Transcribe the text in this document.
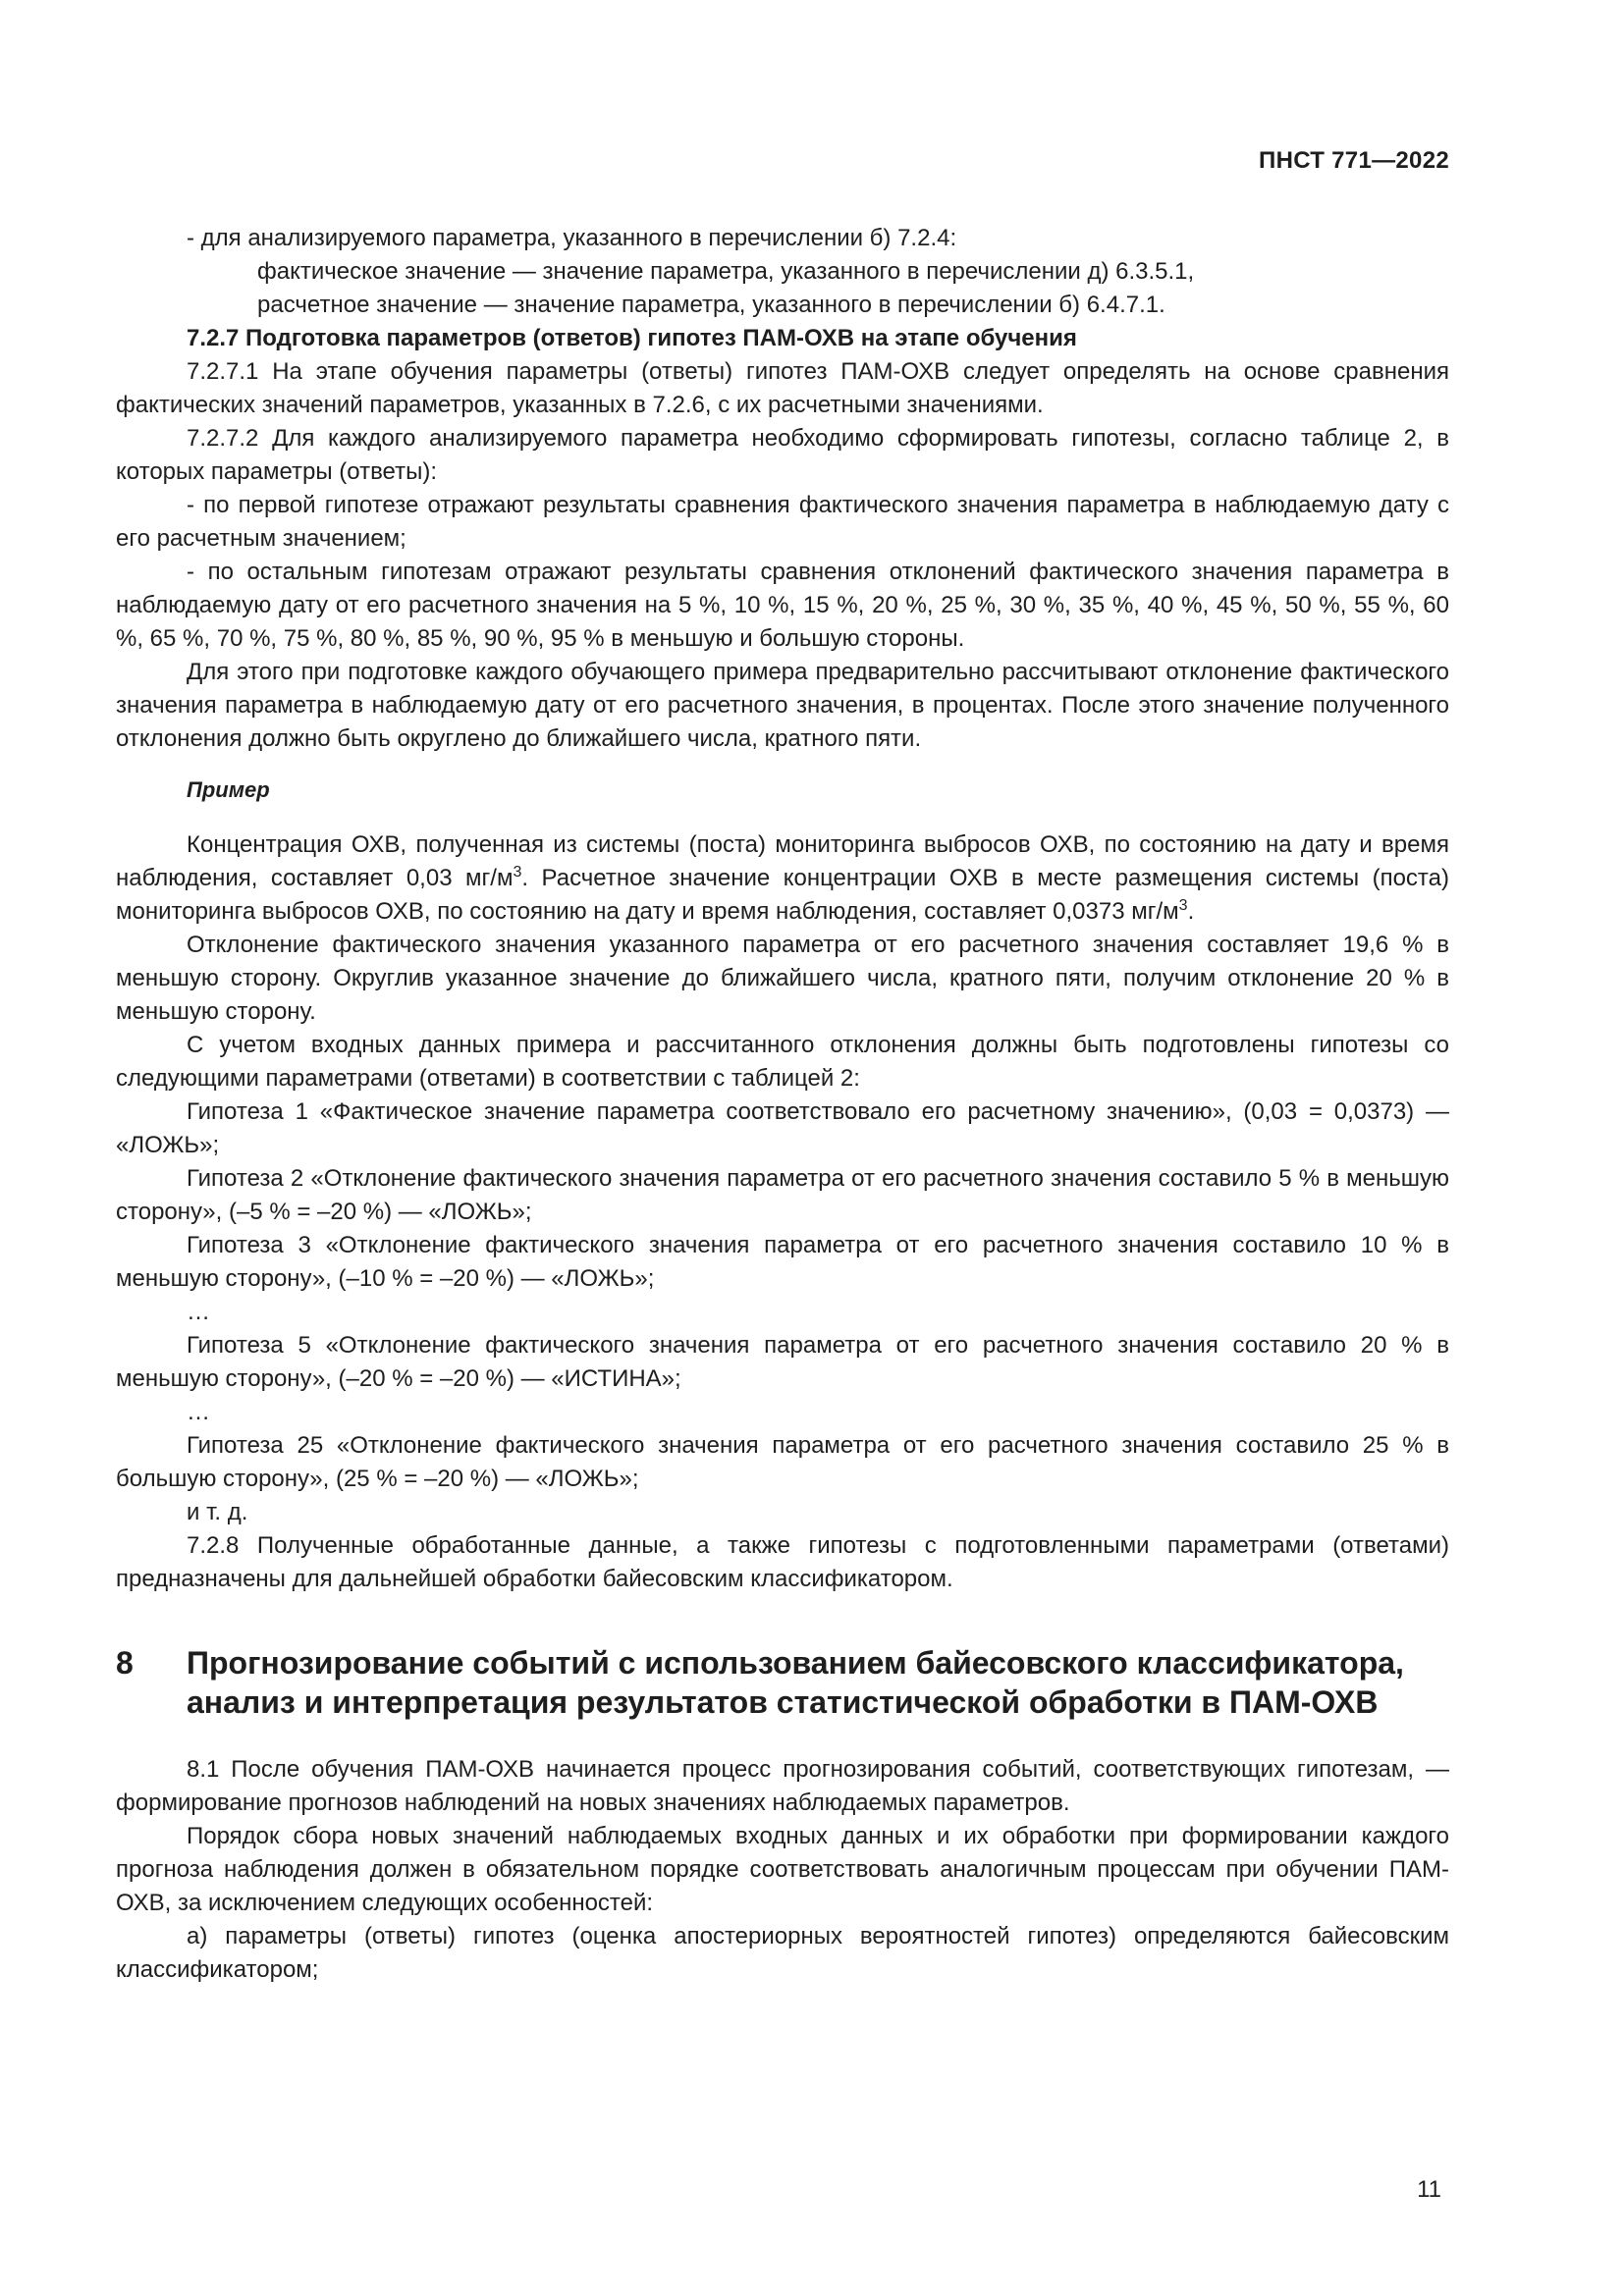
ПНСТ 771—2022

- для анализируемого параметра, указанного в перечислении б) 7.2.4:

фактическое значение — значение параметра, указанного в перечислении д) 6.3.5.1,

расчетное значение — значение параметра, указанного в перечислении б) 6.4.7.1.

7.2.7 Подготовка параметров (ответов) гипотез ПАМ-ОХВ на этапе обучения

7.2.7.1 На этапе обучения параметры (ответы) гипотез ПАМ-ОХВ следует определять на основе сравнения фактических значений параметров, указанных в 7.2.6, с их расчетными значениями.

7.2.7.2 Для каждого анализируемого параметра необходимо сформировать гипотезы, согласно таблице 2, в которых параметры (ответы):

- по первой гипотезе отражают результаты сравнения фактического значения параметра в наблюдаемую дату с его расчетным значением;

- по остальным гипотезам отражают результаты сравнения отклонений фактического значения параметра в наблюдаемую дату от его расчетного значения на 5 %, 10 %, 15 %, 20 %, 25 %, 30 %, 35 %, 40 %, 45 %, 50 %, 55 %, 60 %, 65 %, 70 %, 75 %, 80 %, 85 %, 90 %, 95 % в меньшую и большую стороны.

Для этого при подготовке каждого обучающего примера предварительно рассчитывают отклонение фактического значения параметра в наблюдаемую дату от его расчетного значения, в процентах. После этого значение полученного отклонения должно быть округлено до ближайшего числа, кратного пяти.

Пример

Концентрация ОХВ, полученная из системы (поста) мониторинга выбросов ОХВ, по состоянию на дату и время наблюдения, составляет 0,03 $мг/м^3$. Расчетное значение концентрации ОХВ в месте размещения системы (поста) мониторинга выбросов ОХВ, по состоянию на дату и время наблюдения, составляет 0,0373 $мг/м^3$.

Отклонение фактического значения указанного параметра от его расчетного значения составляет 19,6 % в меньшую сторону. Округлив указанное значение до ближайшего числа, кратного пяти, получим отклонение 20 % в меньшую сторону.

С учетом входных данных примера и рассчитанного отклонения должны быть подготовлены гипотезы со следующими параметрами (ответами) в соответствии с таблицей 2:

Гипотеза 1 «Фактическое значение параметра соответствовало его расчетному значению», (0,03 = 0,0373) — «ЛОЖЬ»;

Гипотеза 2 «Отклонение фактического значения параметра от его расчетного значения составило 5 % в меньшую сторону», (–5 % = –20 %) — «ЛОЖЬ»;

Гипотеза 3 «Отклонение фактического значения параметра от его расчетного значения составило 10 % в меньшую сторону», (–10 % = –20 %) — «ЛОЖЬ»;

…

Гипотеза 5 «Отклонение фактического значения параметра от его расчетного значения составило 20 % в меньшую сторону», (–20 % = –20 %) — «ИСТИНА»;

…

Гипотеза 25 «Отклонение фактического значения параметра от его расчетного значения составило 25 % в большую сторону», (25 % = –20 %) — «ЛОЖЬ»;

и т. д.

7.2.8 Полученные обработанные данные, а также гипотезы с подготовленными параметрами (ответами) предназначены для дальнейшей обработки байесовским классификатором.

8 Прогнозирование событий с использованием байесовского классификатора, анализ и интерпретация результатов статистической обработки в ПАМ-ОХВ

8.1 После обучения ПАМ-ОХВ начинается процесс прогнозирования событий, соответствующих гипотезам, — формирование прогнозов наблюдений на новых значениях наблюдаемых параметров.

Порядок сбора новых значений наблюдаемых входных данных и их обработки при формировании каждого прогноза наблюдения должен в обязательном порядке соответствовать аналогичным процессам при обучении ПАМ-ОХВ, за исключением следующих особенностей:

а) параметры (ответы) гипотез (оценка апостериорных вероятностей гипотез) определяются байесовским классификатором;

11
